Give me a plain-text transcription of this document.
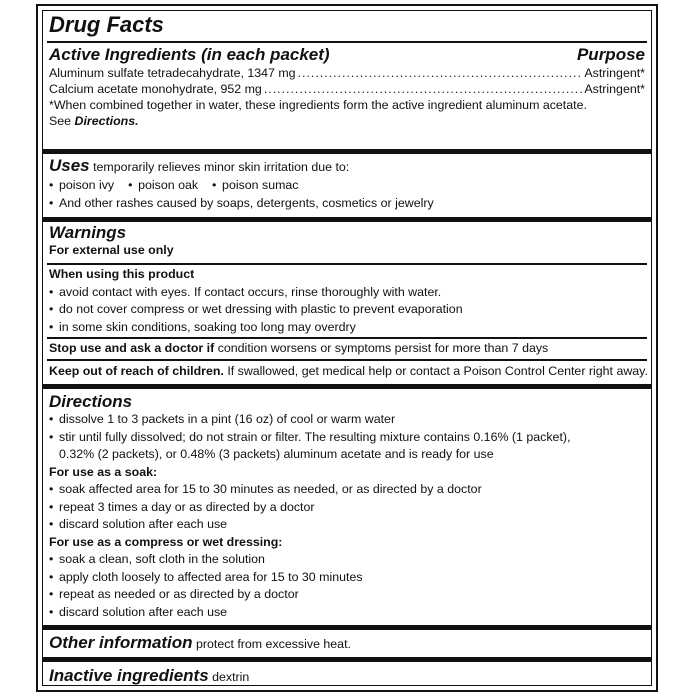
Drug Facts
Active Ingredients (in each packet)	Purpose
Aluminum sulfate tetradecahydrate, 1347 mg .....	Astringent*
Calcium acetate monohydrate, 952 mg .....	Astringent*
*When combined together in water, these ingredients form the active ingredient aluminum acetate.
See Directions.
Uses temporarily relieves minor skin irritation due to:
• poison ivy • poison oak • poison sumac
• And other rashes caused by soaps, detergents, cosmetics or jewelry
Warnings
For external use only
When using this product
• avoid contact with eyes. If contact occurs, rinse thoroughly with water.
• do not cover compress or wet dressing with plastic to prevent evaporation
• in some skin conditions, soaking too long may overdry
Stop use and ask a doctor if condition worsens or symptoms persist for more than 7 days
Keep out of reach of children. If swallowed, get medical help or contact a Poison Control Center right away.
Directions
• dissolve 1 to 3 packets in a pint (16 oz) of cool or warm water
• stir until fully dissolved; do not strain or filter. The resulting mixture contains 0.16% (1 packet),
0.32% (2 packets), or 0.48% (3 packets) aluminum acetate and is ready for use
For use as a soak:
• soak affected area for 15 to 30 minutes as needed, or as directed by a doctor
• repeat 3 times a day or as directed by a doctor
• discard solution after each use
For use as a compress or wet dressing:
• soak a clean, soft cloth in the solution
• apply cloth loosely to affected area for 15 to 30 minutes
• repeat as needed or as directed by a doctor
• discard solution after each use
Other information protect from excessive heat.
Inactive ingredients dextrin
